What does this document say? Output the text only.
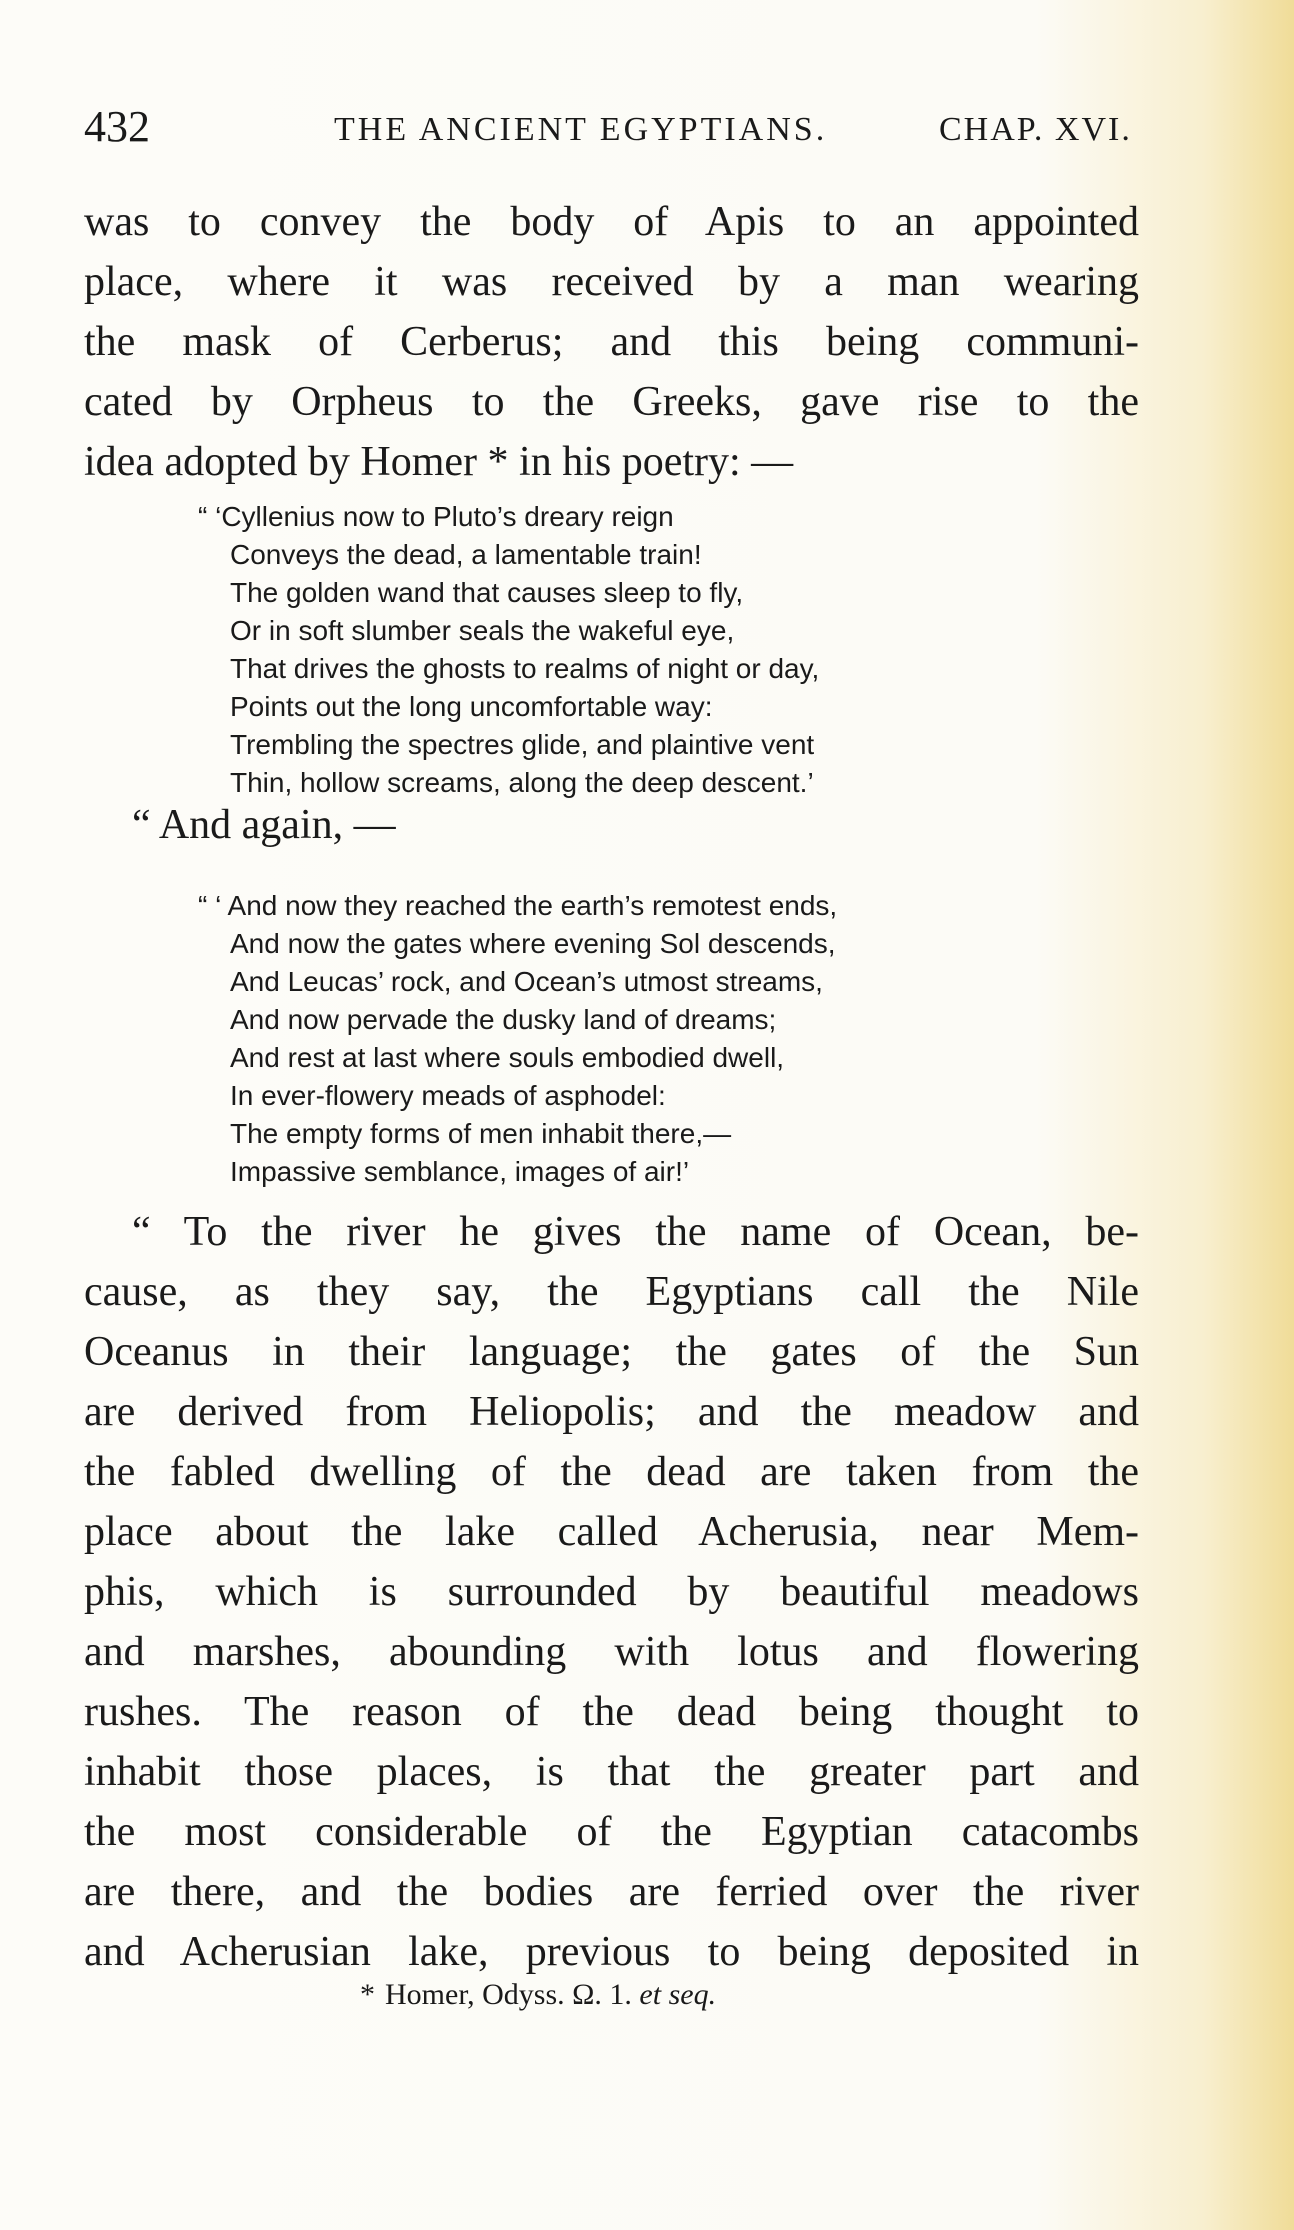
432	THE ANCIENT EGYPTIANS.	CHAP. XVI.
was to convey the body of Apis to an appointed
place, where it was received by a man wearing
the mask of Cerberus; and this being communi-
cated by Orpheus to the Greeks, gave rise to the
idea adopted by Homer * in his poetry: —
“ ‘Cyllenius now to Pluto’s dreary reign
Conveys the dead, a lamentable train!
The golden wand that causes sleep to fly,
Or in soft slumber seals the wakeful eye,
That drives the ghosts to realms of night or day,
Points out the long uncomfortable way:
Trembling the spectres glide, and plaintive vent
Thin, hollow screams, along the deep descent.’
“ And again, —
“ ‘ And now they reached the earth’s remotest ends,
And now the gates where evening Sol descends,
And Leucas’ rock, and Ocean’s utmost streams,
And now pervade the dusky land of dreams;
And rest at last where souls embodied dwell,
In ever-flowery meads of asphodel:
The empty forms of men inhabit there,—
Impassive semblance, images of air!’
“ To the river he gives the name of Ocean, be-
cause, as they say, the Egyptians call the Nile
Oceanus in their language; the gates of the Sun
are derived from Heliopolis; and the meadow and
the fabled dwelling of the dead are taken from the
place about the lake called Acherusia, near Mem-
phis, which is surrounded by beautiful meadows
and marshes, abounding with lotus and flowering
rushes. The reason of the dead being thought to
inhabit those places, is that the greater part and
the most considerable of the Egyptian catacombs
are there, and the bodies are ferried over the river
and Acherusian lake, previous to being deposited in
* Homer, Odyss. Ω. 1. et seq.
